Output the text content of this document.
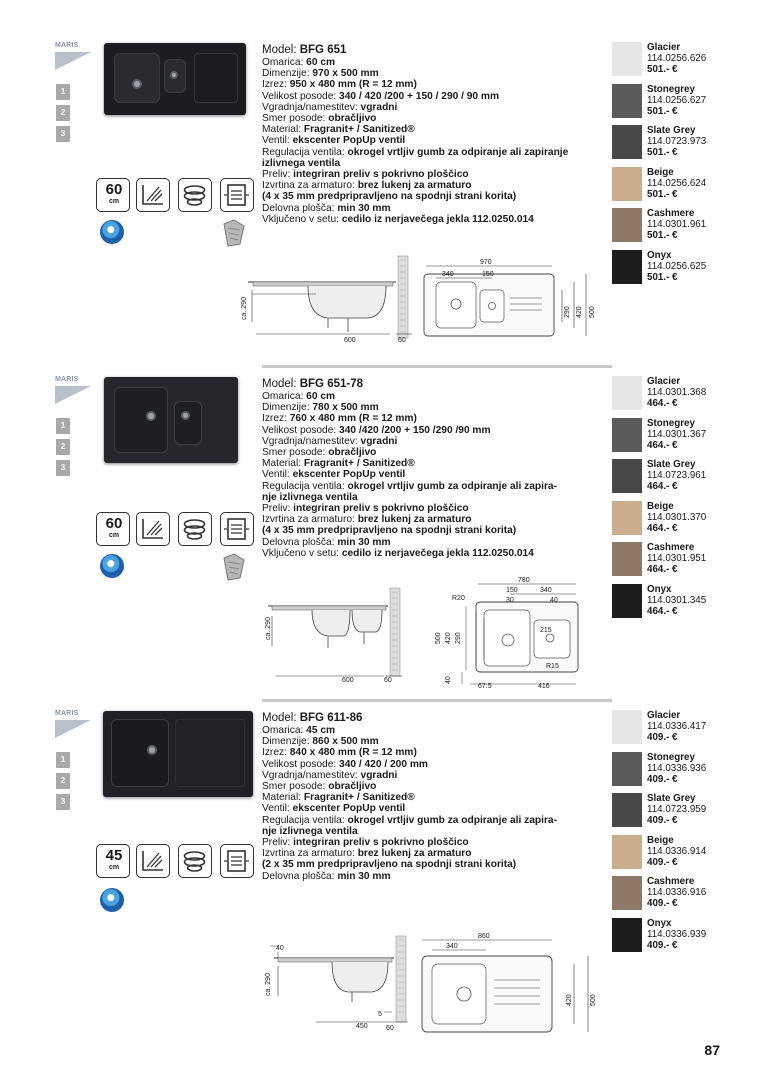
MARIS
1
2
3
Model: BFG 651
Omarica: 60 cm
Dimenzije: 970 x 500 mm
Izrez: 950 x 480 mm (R = 12 mm)
Velikost posode: 340 / 420 /200 + 150 / 290 / 90 mm
Vgradnja/namestitev: vgradni
Smer posode: obračljivo
Material: Fragranit+ / Sanitized®
Ventil: ekscenter PopUp ventil
Regulacija ventila: okrogel vrtljiv gumb za odpiranje ali zapiranje
izlivnega ventila
Preliv: integriran preliv s pokrivno ploščico
Izvrtina za armaturo: brez lukenj za armaturo
(4 x 35 mm predpripravljeno na spodnji strani korita)
Delovna plošča: min 30 mm
Vključeno v setu: cedilo iz nerjavečega jekla 112.0250.014
60
cm
ca. 290
600	60
970
340	150
290 420 500
Glacier
114.0256.626
501.- €
Stonegrey
114.0256.627
501.- €
Slate Grey
114.0723.973
501.- €
Beige
114.0256.624
501.- €
Cashmere
114.0301.961
501.- €
Onyx
114.0256.625
501.- €
MARIS
1
2
3
Model: BFG 651-78
Omarica: 60 cm
Dimenzije: 780 x 500 mm
Izrez: 760 x 480 mm (R = 12 mm)
Velikost posode: 340 /420 /200 + 150 /290 /90 mm
Vgradnja/namestitev: vgradni
Smer posode: obračljivo
Material: Fragranit+ / Sanitized®
Ventil: ekscenter PopUp ventil
Regulacija ventila: okrogel vrtljiv gumb za odpiranje ali zapira-
nje izlivnega ventila
Preliv: integriran preliv s pokrivno ploščico
Izvrtina za armaturo: brez lukenj za armaturo
(4 x 35 mm predpripravljeno na spodnji strani korita)
Delovna plošča: min 30 mm
Vključeno v setu: cedilo iz nerjavečega jekla 112.0250.014
60
cm
ca. 290
600	60
780
150	340
30	40
R20
R15
215
500 420 290
40
67.5	416
Glacier
114.0301.368
464.- €
Stonegrey
114.0301.367
464.- €
Slate Grey
114.0723.961
464.- €
Beige
114.0301.370
464.- €
Cashmere
114.0301.951
464.- €
Onyx
114.0301.345
464.- €
MARIS
1
2
3
Model: BFG 611-86
Omarica: 45 cm
Dimenzije: 860 x 500 mm
Izrez: 840 x 480 mm (R = 12 mm)
Velikost posode: 340 / 420 / 200 mm
Vgradnja/namestitev: vgradni
Smer posode: obračljivo
Material: Fragranit+ / Sanitized®
Ventil: ekscenter PopUp ventil
Regulacija ventila: okrogel vrtljiv gumb za odpiranje ali zapira-
nje izlivnega ventila
Preliv: integriran preliv s pokrivno ploščico
Izvrtina za armaturo: brez lukenj za armaturo
(2 x 35 mm predpripravljeno na spodnji strani korita)
Delovna plošča: min 30 mm
45
cm
40
ca. 290
450
5
60
860
340
420 500
Glacier
114.0336.417
409.- €
Stonegrey
114.0336.936
409.- €
Slate Grey
114.0723.959
409.- €
Beige
114.0336.914
409.- €
Cashmere
114.0336.916
409.- €
Onyx
114.0336.939
409.- €
87
